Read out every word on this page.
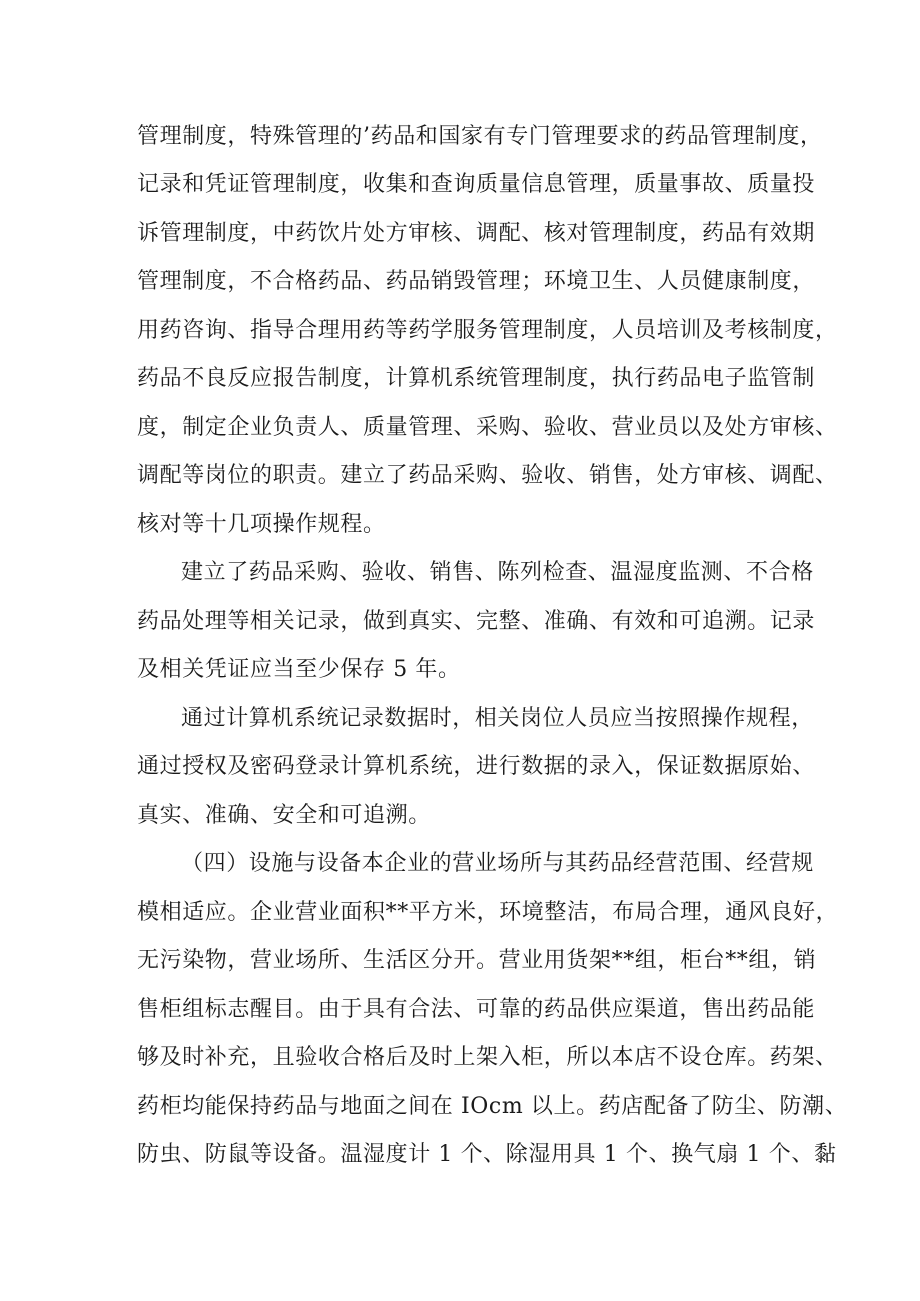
管理制度，特殊管理的’药品和国家有专门管理要求的药品管理制度，
记录和凭证管理制度，收集和查询质量信息管理，质量事故、质量投
诉管理制度，中药饮片处方审核、调配、核对管理制度，药品有效期
管理制度，不合格药品、药品销毁管理；环境卫生、人员健康制度，
用药咨询、指导合理用药等药学服务管理制度，人员培训及考核制度，
药品不良反应报告制度，计算机系统管理制度，执行药品电子监管制
度，制定企业负责人、质量管理、采购、验收、营业员以及处方审核、
调配等岗位的职责。建立了药品采购、验收、销售，处方审核、调配、
核对等十几项操作规程。
建立了药品采购、验收、销售、陈列检查、温湿度监测、不合格
药品处理等相关记录，做到真实、完整、准确、有效和可追溯。记录
及相关凭证应当至少保存 5 年。
通过计算机系统记录数据时，相关岗位人员应当按照操作规程，
通过授权及密码登录计算机系统，进行数据的录入，保证数据原始、
真实、准确、安全和可追溯。
（四）设施与设备本企业的营业场所与其药品经营范围、经营规
模相适应。企业营业面积**平方米，环境整洁，布局合理，通风良好，
无污染物，营业场所、生活区分开。营业用货架**组，柜台**组，销
售柜组标志醒目。由于具有合法、可靠的药品供应渠道，售出药品能
够及时补充，且验收合格后及时上架入柜，所以本店不设仓库。药架、
药柜均能保持药品与地面之间在 IOcm 以上。药店配备了防尘、防潮、
防虫、防鼠等设备。温湿度计 1 个、除湿用具 1 个、换气扇 1 个、黏
